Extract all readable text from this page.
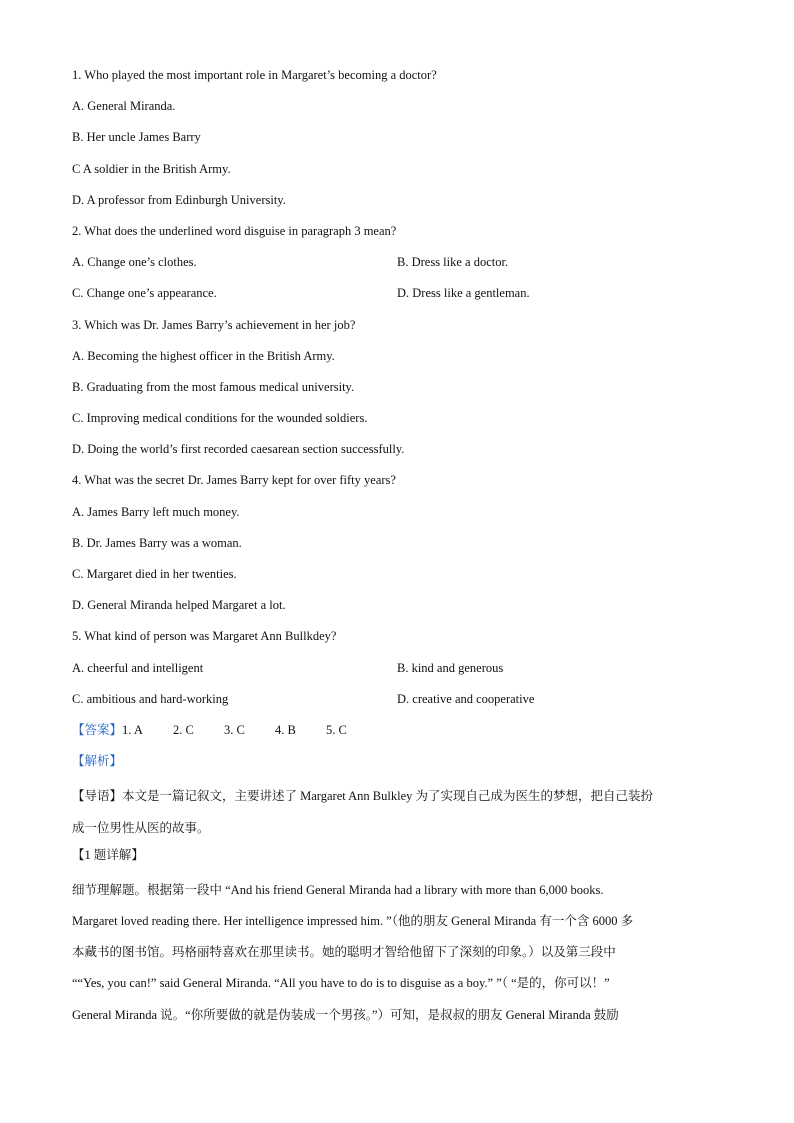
1. Who played the most important role in Margaret’s becoming a doctor?
A. General Miranda.
B. Her uncle James Barry
C A soldier in the British Army.
D. A professor from Edinburgh University.
2. What does the underlined word disguise in paragraph 3 mean?
A. Change one’s clothes.	B. Dress like a doctor.
C. Change one’s appearance.	D. Dress like a gentleman.
3. Which was Dr. James Barry’s achievement in her job?
A. Becoming the highest officer in the British Army.
B. Graduating from the most famous medical university.
C. Improving medical conditions for the wounded soldiers.
D. Doing the world’s first recorded caesarean section successfully.
4. What was the secret Dr. James Barry kept for over fifty years?
A. James Barry left much money.
B. Dr. James Barry was a woman.
C. Margaret died in her twenties.
D. General Miranda helped Margaret a lot.
5. What kind of person was Margaret Ann Bullkdey?
A. cheerful and intelligent	B. kind and generous
C. ambitious and hard-working	D. creative and cooperative
【答案】1. A 2. C 3. C 4. B 5. C
【解析】
【导语】本文是一篇记叙文，主要讲述了 Margaret Ann Bulkley 为了实现自己成为医生的梦想，把自己装扮
成一位男性从医的故事。
【1 题详解】
细节理解题。根据第一段中 “And his friend General Miranda had a library with more than 6,000 books.
Margaret loved reading there. Her intelligence impressed him. ”（他的朋友 General Miranda 有一个含 6000 多
本藏书的图书馆。玛格丽特喜欢在那里读书。她的聪明才智给他留下了深刻的印象。）以及第三段中
““Yes, you can!” said General Miranda. “All you have to do is to disguise as a boy.” ”（ “是的，你可以！”
General Miranda 说。“你所要做的就是伪装成一个男孩。”）可知，是叔叔的朋友 General Miranda 鼓励
